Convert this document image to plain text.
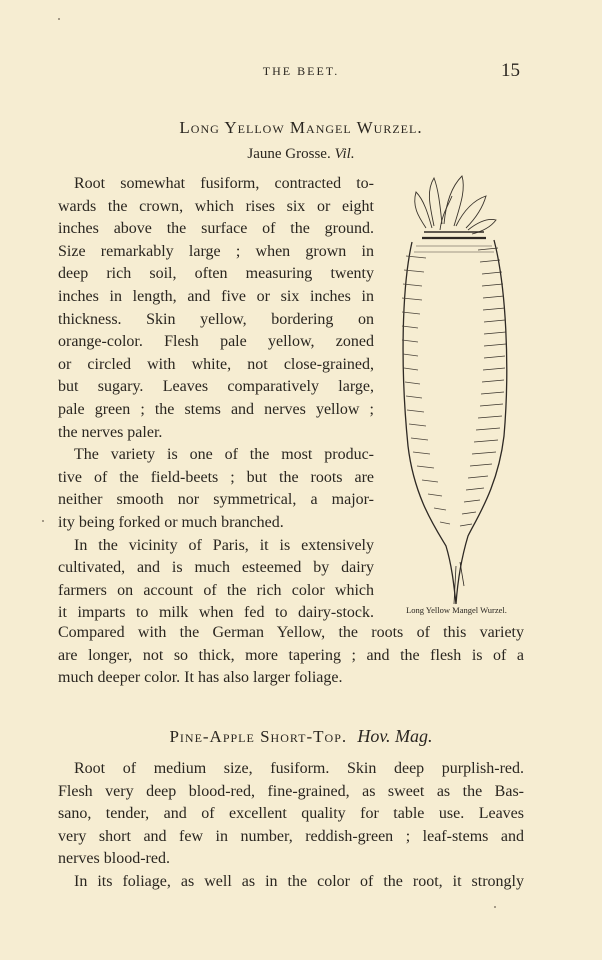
THE BEET.	15
Long Yellow Mangel Wurzel.
Jaune Grosse. Vil.
Root somewhat fusiform, contracted to-
wards the crown, which rises six or eight
inches above the surface of the ground.
Size remarkably large ; when grown in
deep rich soil, often measuring twenty
inches in length, and five or six inches in
thickness. Skin yellow, bordering on
orange-color. Flesh pale yellow, zoned
or circled with white, not close-grained,
but sugary. Leaves comparatively large,
pale green ; the stems and nerves yellow ;
the nerves paler.
The variety is one of the most produc-
tive of the field-beets ; but the roots are
neither smooth nor symmetrical, a major-
ity being forked or much branched.
In the vicinity of Paris, it is extensively
cultivated, and is much esteemed by dairy
farmers on account of the rich color which
it imparts to milk when fed to dairy-stock.	Long Yellow Mangel Wurzel.
Compared with the German Yellow, the roots of this variety
are longer, not so thick, more tapering ; and the flesh is of a
much deeper color. It has also larger foliage.
Pine-Apple Short-Top. Hov. Mag.
Root of medium size, fusiform. Skin deep purplish-red.
Flesh very deep blood-red, fine-grained, as sweet as the Bas-
sano, tender, and of excellent quality for table use. Leaves
very short and few in number, reddish-green ; leaf-stems and
nerves blood-red.
In its foliage, as well as in the color of the root, it strongly
